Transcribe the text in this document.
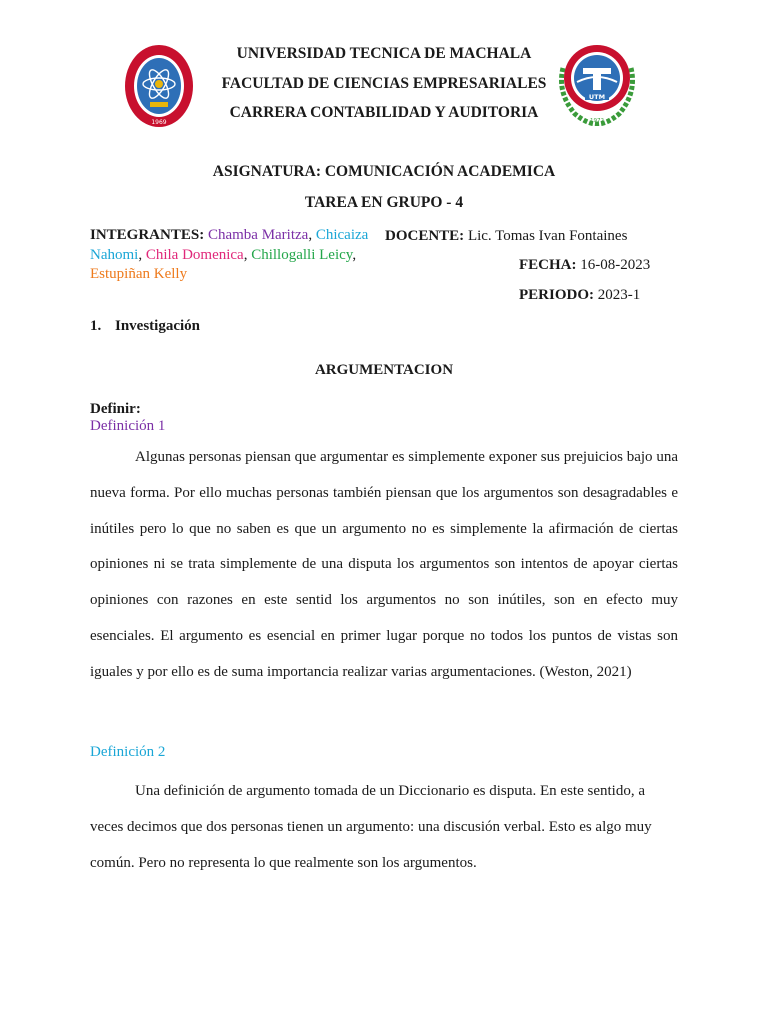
1969
UNIVERSIDAD TECNICA DE MACHALA
FACULTAD DE CIENCIAS EMPRESARIALES
CARRERA CONTABILIDAD Y AUDITORIA
UTM
1972
ASIGNATURA: COMUNICACIÓN ACADEMICA
TAREA EN GRUPO - 4
INTEGRANTES: Chamba Maritza, Chicaiza Nahomi, Chila Domenica, Chillogalli Leicy, Estupiñan Kelly
DOCENTE: Lic. Tomas Ivan Fontaines
FECHA: 16-08-2023
PERIODO: 2023-1
1. Investigación
ARGUMENTACION
Definir:
Definición 1

Algunas personas piensan que argumentar es simplemente exponer sus prejuicios bajo una nueva forma. Por ello muchas personas también piensan que los argumentos son desagradables e inútiles pero lo que no saben es que un argumento no es simplemente la afirmación de ciertas opiniones ni se trata simplemente de una disputa los argumentos son intentos de apoyar ciertas opiniones con razones en este sentid los argumentos no son inútiles, son en efecto muy esenciales. El argumento es esencial en primer lugar porque no todos los puntos de vistas son iguales y por ello es de suma importancia realizar varias argumentaciones. (Weston, 2021)

Definición 2

Una definición de argumento tomada de un Diccionario es disputa. En este sentido, a veces decimos que dos personas tienen un argumento: una discusión verbal. Esto es algo muy común. Pero no representa lo que realmente son los argumentos.
